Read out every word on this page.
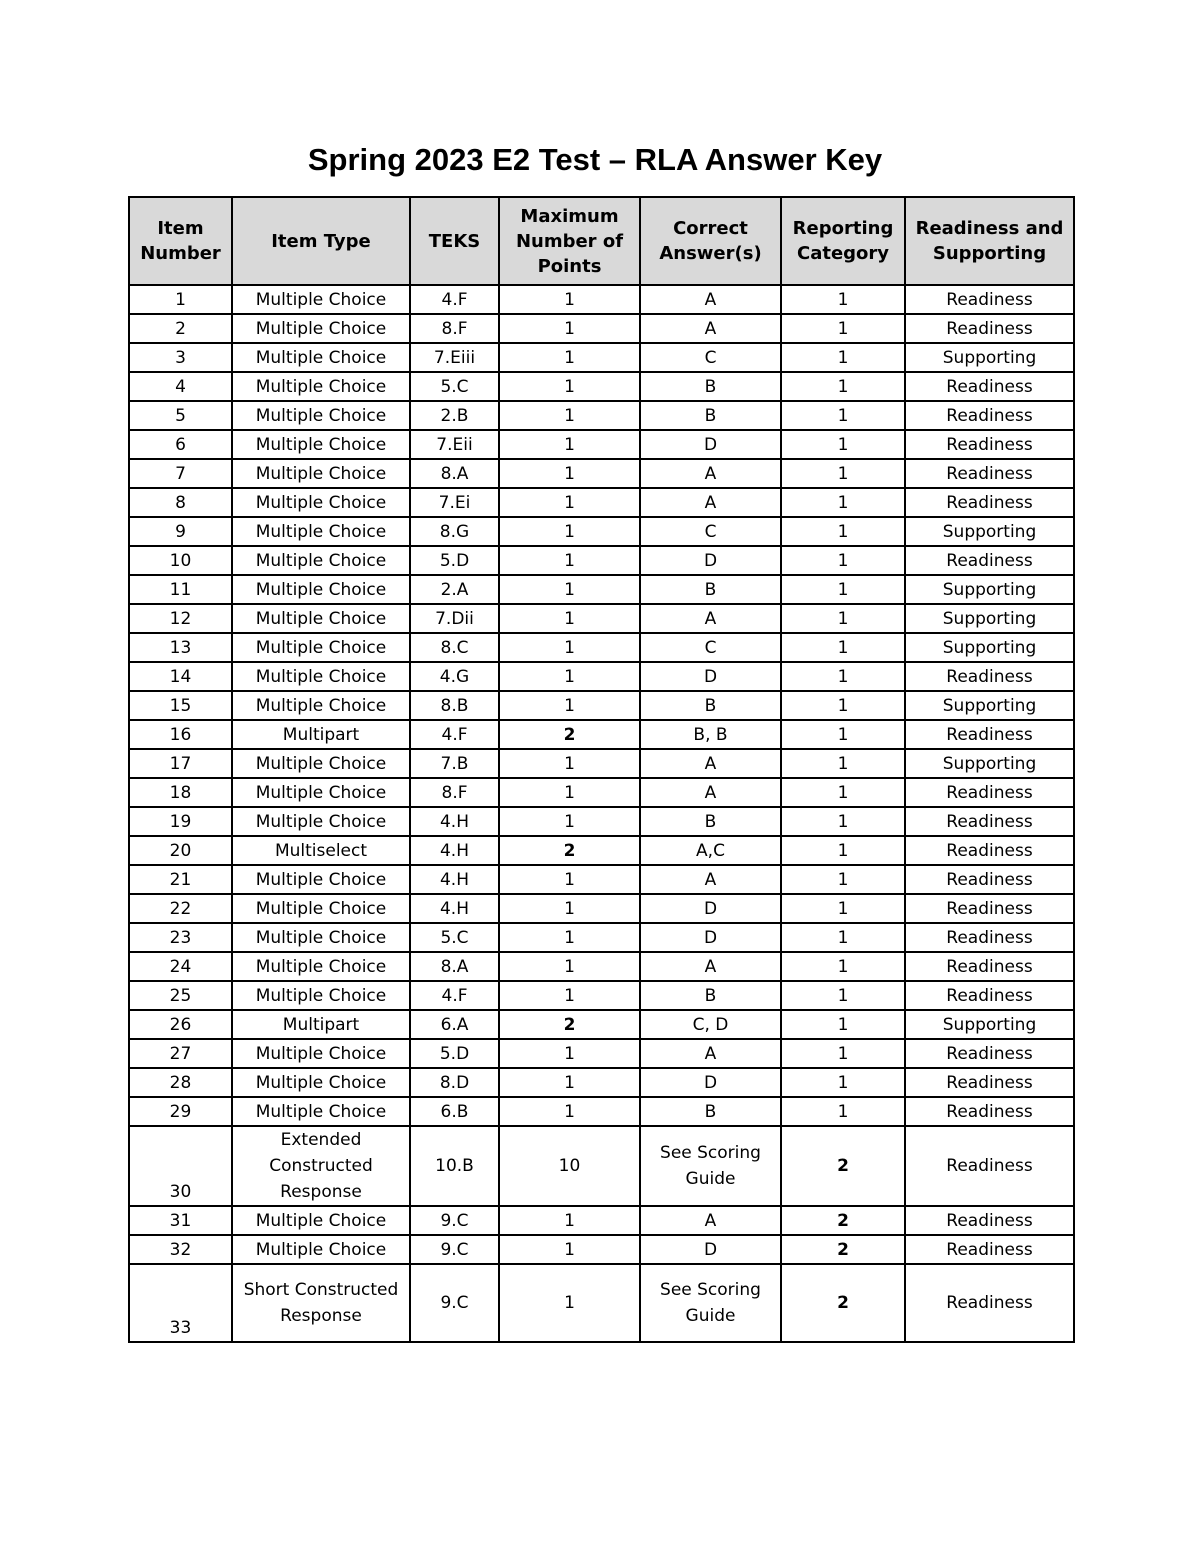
Spring 2023 E2 Test – RLA Answer Key
Item Number	Item Type	TEKS	Maximum Number of Points	Correct Answer(s)	Reporting Category	Readiness and Supporting
1	Multiple Choice	4.F	1	A	1	Readiness
2	Multiple Choice	8.F	1	A	1	Readiness
3	Multiple Choice	7.Eiii	1	C	1	Supporting
4	Multiple Choice	5.C	1	B	1	Readiness
5	Multiple Choice	2.B	1	B	1	Readiness
6	Multiple Choice	7.Eii	1	D	1	Readiness
7	Multiple Choice	8.A	1	A	1	Readiness
8	Multiple Choice	7.Ei	1	A	1	Readiness
9	Multiple Choice	8.G	1	C	1	Supporting
10	Multiple Choice	5.D	1	D	1	Readiness
11	Multiple Choice	2.A	1	B	1	Supporting
12	Multiple Choice	7.Dii	1	A	1	Supporting
13	Multiple Choice	8.C	1	C	1	Supporting
14	Multiple Choice	4.G	1	D	1	Readiness
15	Multiple Choice	8.B	1	B	1	Supporting
16	Multipart	4.F	2	B, B	1	Readiness
17	Multiple Choice	7.B	1	A	1	Supporting
18	Multiple Choice	8.F	1	A	1	Readiness
19	Multiple Choice	4.H	1	B	1	Readiness
20	Multiselect	4.H	2	A,C	1	Readiness
21	Multiple Choice	4.H	1	A	1	Readiness
22	Multiple Choice	4.H	1	D	1	Readiness
23	Multiple Choice	5.C	1	D	1	Readiness
24	Multiple Choice	8.A	1	A	1	Readiness
25	Multiple Choice	4.F	1	B	1	Readiness
26	Multipart	6.A	2	C, D	1	Supporting
27	Multiple Choice	5.D	1	A	1	Readiness
28	Multiple Choice	8.D	1	D	1	Readiness
29	Multiple Choice	6.B	1	B	1	Readiness
30	Extended Constructed Response	10.B	10	See Scoring Guide	2	Readiness
31	Multiple Choice	9.C	1	A	2	Readiness
32	Multiple Choice	9.C	1	D	2	Readiness
33	Short Constructed Response	9.C	1	See Scoring Guide	2	Readiness
